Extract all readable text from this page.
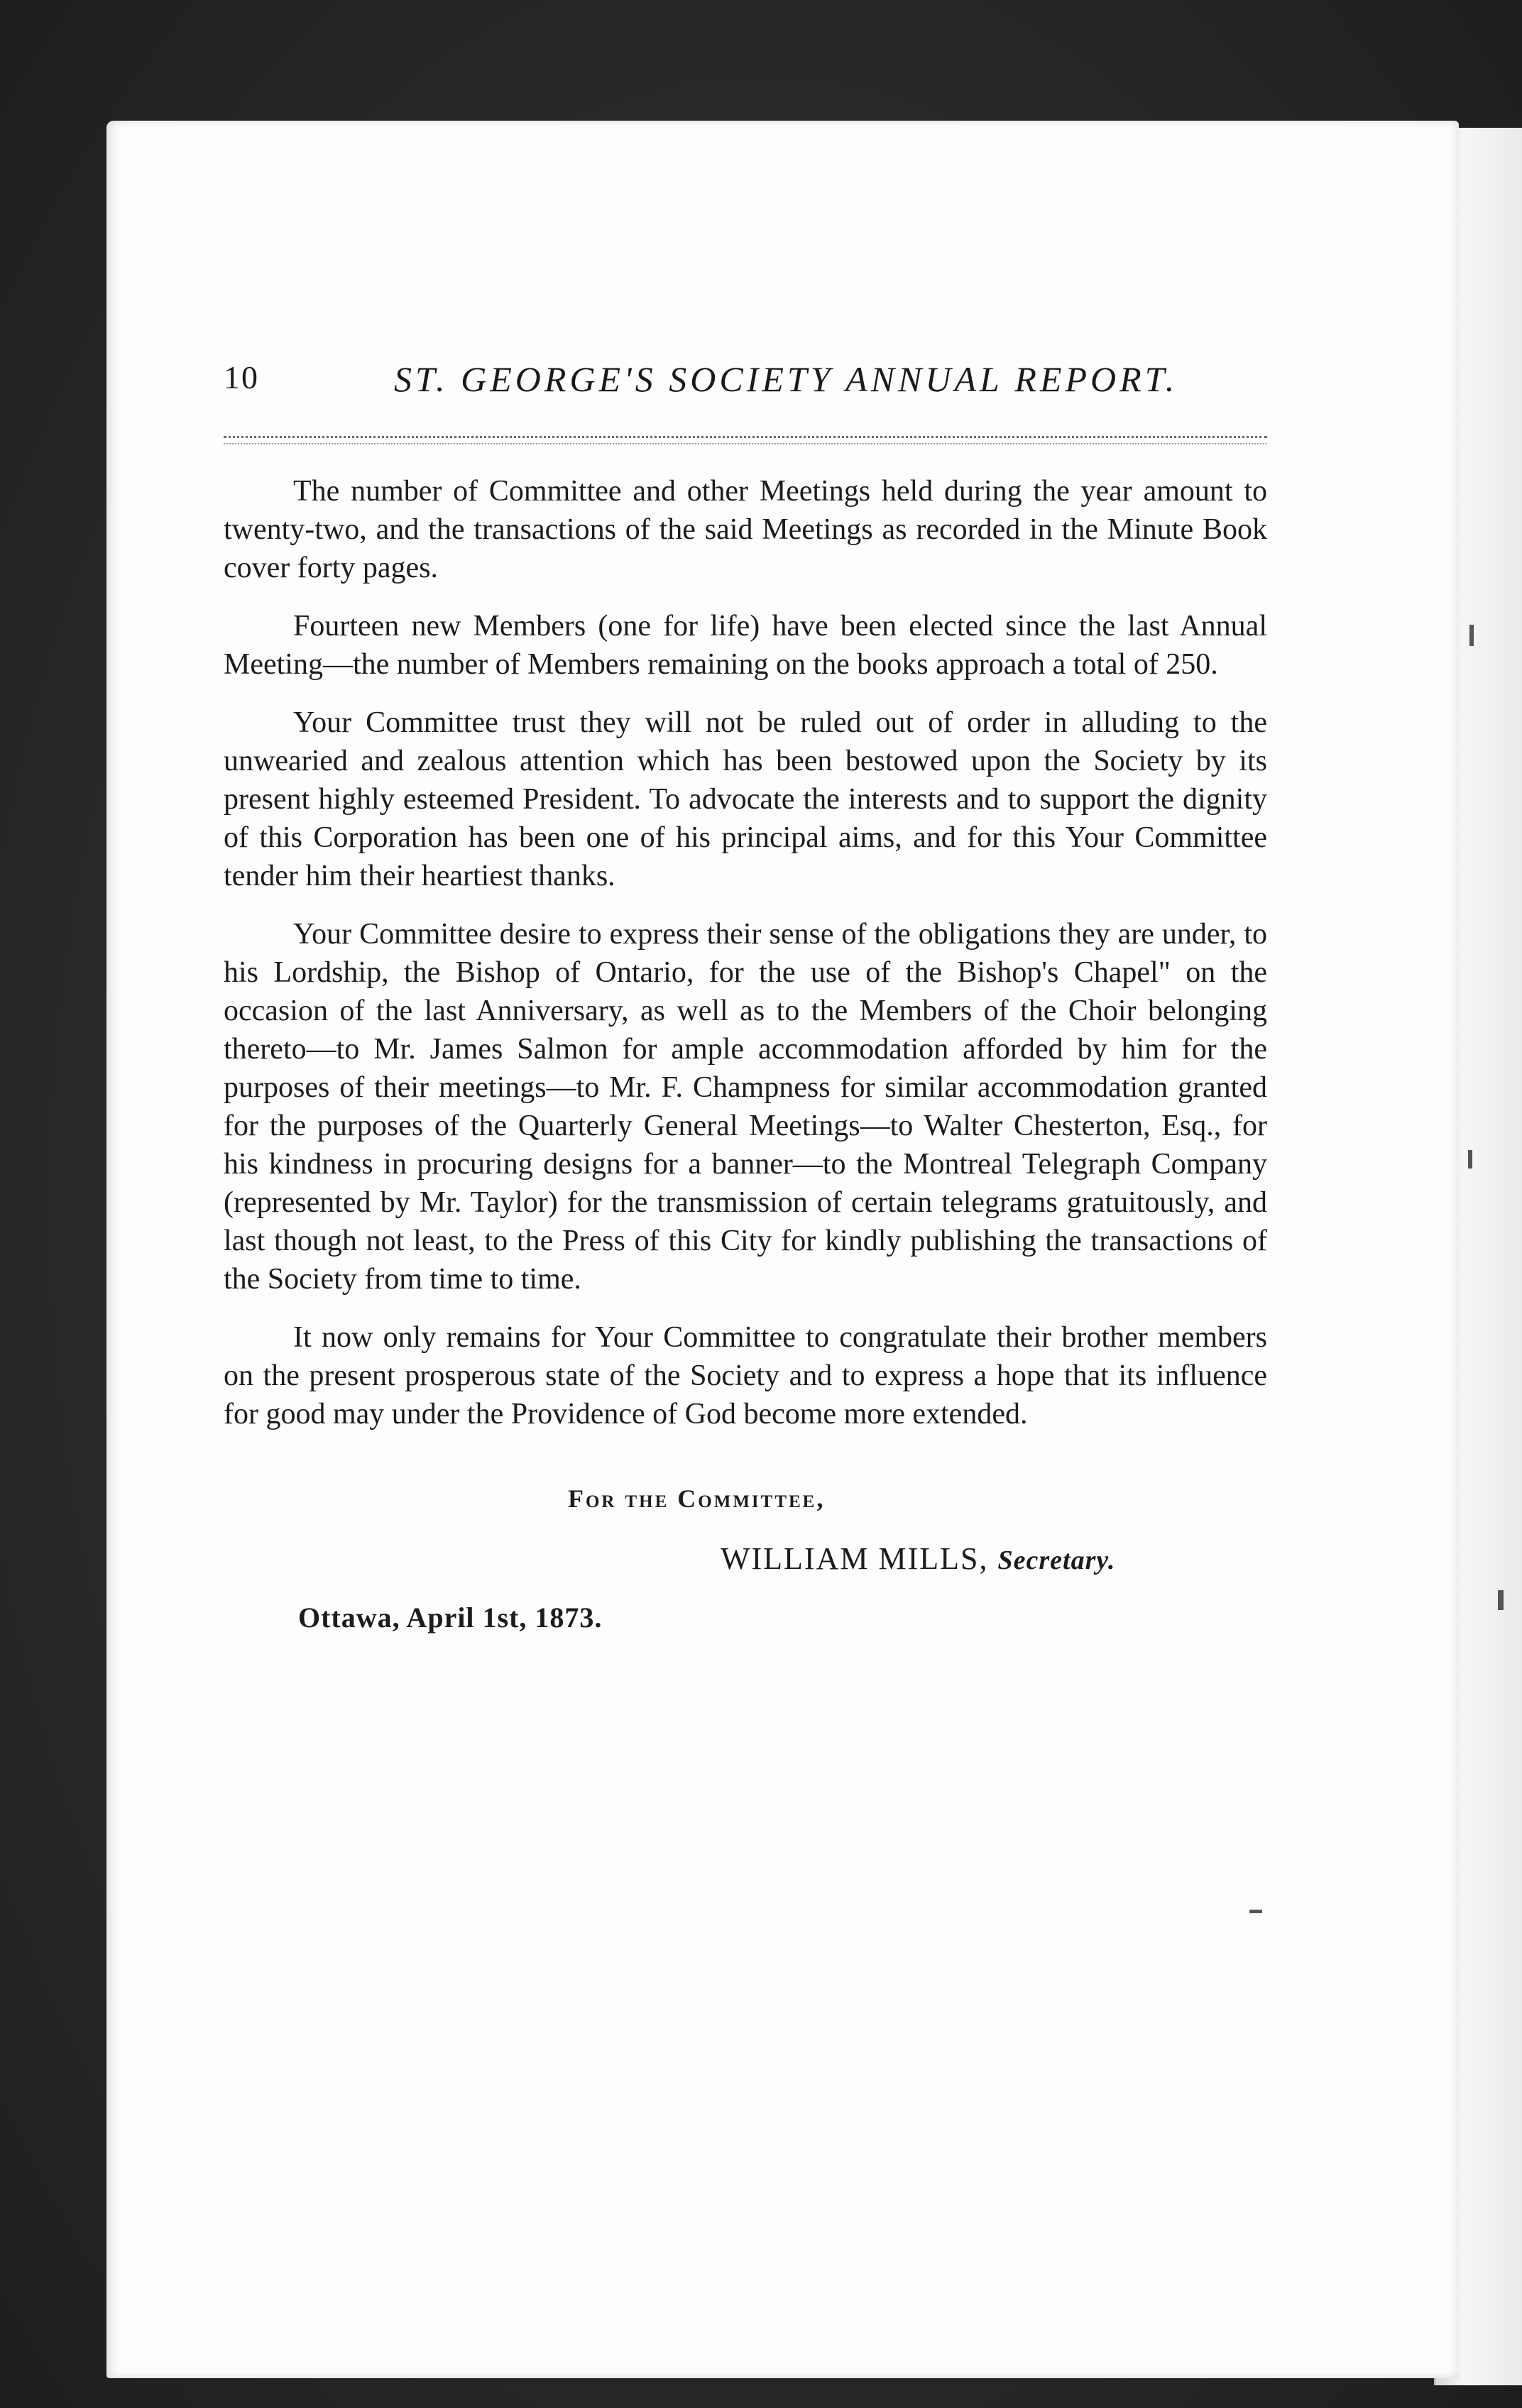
10	ST. GEORGE'S SOCIETY ANNUAL REPORT.

The number of Committee and other Meetings held during the year amount to twenty-two, and the transactions of the said Meetings as recorded in the Minute Book cover forty pages.

Fourteen new Members (one for life) have been elected since the last Annual Meeting—the number of Members remaining on the books approach a total of 250.

Your Committee trust they will not be ruled out of order in alluding to the unwearied and zealous attention which has been bestowed upon the Society by its present highly esteemed President. To advocate the interests and to support the dignity of this Corporation has been one of his principal aims, and for this Your Committee tender him their heartiest thanks.

Your Committee desire to express their sense of the obligations they are under, to his Lordship, the Bishop of Ontario, for the use of the Bishop's Chapel" on the occasion of the last Anniversary, as well as to the Members of the Choir belonging thereto—to Mr. James Salmon for ample accommodation afforded by him for the purposes of their meetings—to Mr. F. Champness for similar accommodation granted for the purposes of the Quarterly General Meetings—to Walter Chesterton, Esq., for his kindness in procuring designs for a banner—to the Montreal Telegraph Company (represented by Mr. Taylor) for the transmission of certain telegrams gratuitously, and last though not least, to the Press of this City for kindly publishing the transactions of the Society from time to time.

It now only remains for Your Committee to congratulate their brother members on the present prosperous state of the Society and to express a hope that its influence for good may under the Providence of God become more extended.

For the Committee,
WILLIAM MILLS, Secretary.
Ottawa, April 1st, 1873.
